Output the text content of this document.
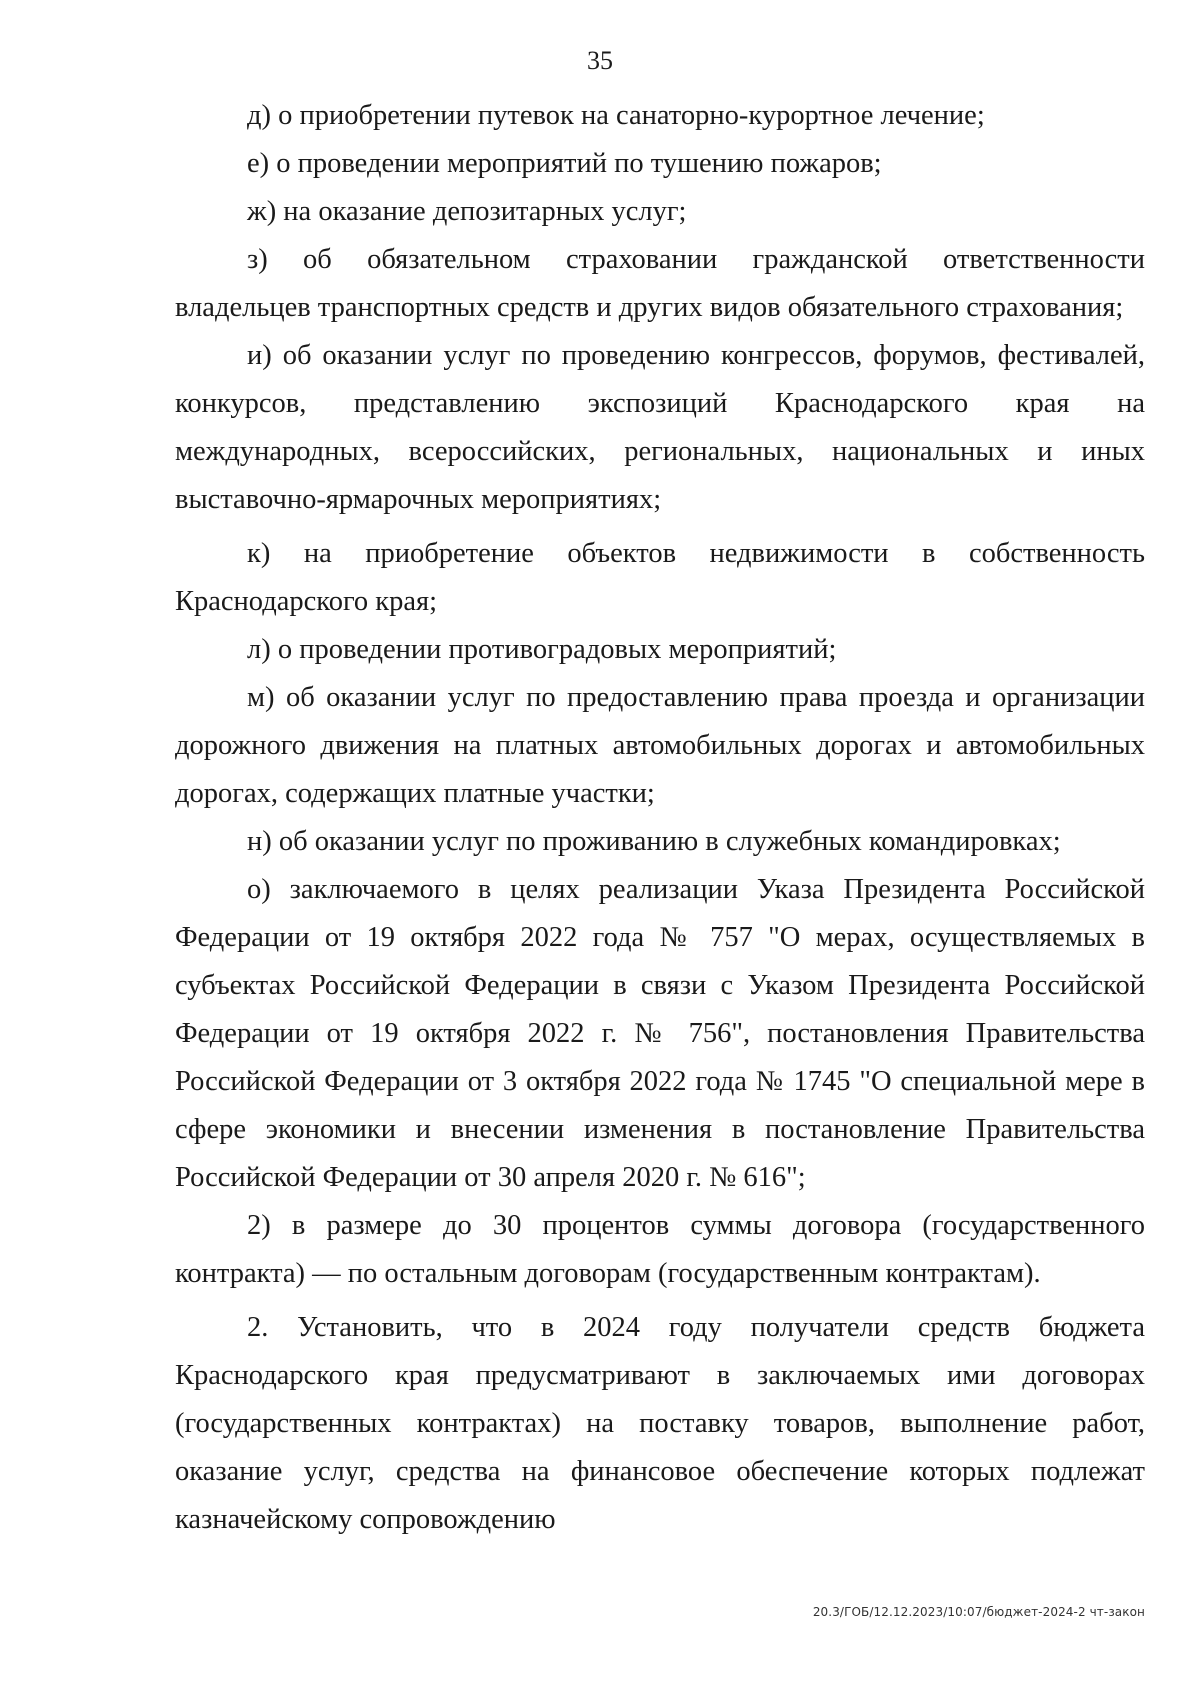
35

д) о приобретении путевок на санаторно-курортное лечение;

е) о проведении мероприятий по тушению пожаров;

ж) на оказание депозитарных услуг;

з) об обязательном страховании гражданской ответственности владельцев транспортных средств и других видов обязательного страхования;

и) об оказании услуг по проведению конгрессов, форумов, фестивалей, конкурсов, представлению экспозиций Краснодарского края на международных, всероссийских, региональных, национальных и иных выставочно-ярмарочных мероприятиях;

к) на приобретение объектов недвижимости в собственность Краснодарского края;

л) о проведении противоградовых мероприятий;

м) об оказании услуг по предоставлению права проезда и организации дорожного движения на платных автомобильных дорогах и автомобильных дорогах, содержащих платные участки;

н) об оказании услуг по проживанию в служебных командировках;

о) заключаемого в целях реализации Указа Президента Российской Федерации от 19 октября 2022 года № 757 "О мерах, осуществляемых в субъектах Российской Федерации в связи с Указом Президента Российской Федерации от 19 октября 2022 г. № 756", постановления Правительства Российской Федерации от 3 октября 2022 года № 1745 "О специальной мере в сфере экономики и внесении изменения в постановление Правительства Российской Федерации от 30 апреля 2020 г. № 616";

2) в размере до 30 процентов суммы договора (государственного контракта) — по остальным договорам (государственным контрактам).

2. Установить, что в 2024 году получатели средств бюджета Краснодарского края предусматривают в заключаемых ими договорах (государственных контрактах) на поставку товаров, выполнение работ, оказание услуг, средства на финансовое обеспечение которых подлежат казначейскому сопровождению

20.3/ГОБ/12.12.2023/10:07/бюджет-2024-2 чт-закон
